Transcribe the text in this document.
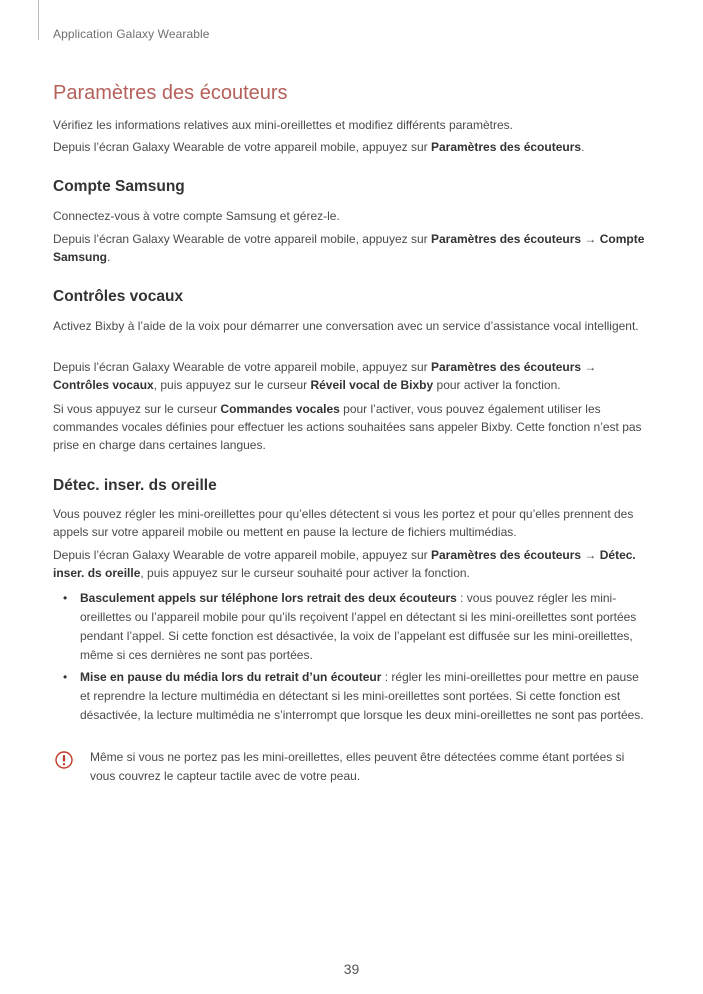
Application Galaxy Wearable
Paramètres des écouteurs

Vérifiez les informations relatives aux mini-oreillettes et modifiez différents paramètres.

Depuis l’écran Galaxy Wearable de votre appareil mobile, appuyez sur Paramètres des écouteurs.

Compte Samsung

Connectez-vous à votre compte Samsung et gérez-le.

Depuis l’écran Galaxy Wearable de votre appareil mobile, appuyez sur Paramètres des écouteurs → Compte Samsung.

Contrôles vocaux

Activez Bixby à l’aide de la voix pour démarrer une conversation avec un service d’assistance vocal intelligent.

Depuis l’écran Galaxy Wearable de votre appareil mobile, appuyez sur Paramètres des écouteurs → Contrôles vocaux, puis appuyez sur le curseur Réveil vocal de Bixby pour activer la fonction.

Si vous appuyez sur le curseur Commandes vocales pour l’activer, vous pouvez également utiliser les commandes vocales définies pour effectuer les actions souhaitées sans appeler Bixby. Cette fonction n’est pas prise en charge dans certaines langues.

Détec. inser. ds oreille

Vous pouvez régler les mini-oreillettes pour qu’elles détectent si vous les portez et pour qu’elles prennent des appels sur votre appareil mobile ou mettent en pause la lecture de fichiers multimédias.

Depuis l’écran Galaxy Wearable de votre appareil mobile, appuyez sur Paramètres des écouteurs → Détec. inser. ds oreille, puis appuyez sur le curseur souhaité pour activer la fonction.

• Basculement appels sur téléphone lors retrait des deux écouteurs : vous pouvez régler les mini-oreillettes ou l’appareil mobile pour qu’ils reçoivent l’appel en détectant si les mini-oreillettes sont portées pendant l’appel. Si cette fonction est désactivée, la voix de l’appelant est diffusée sur les mini-oreillettes, même si ces dernières ne sont pas portées.

• Mise en pause du média lors du retrait d’un écouteur : régler les mini-oreillettes pour mettre en pause et reprendre la lecture multimédia en détectant si les mini-oreillettes sont portées. Si cette fonction est désactivée, la lecture multimédia ne s’interrompt que lorsque les deux mini-oreillettes ne sont pas portées.

Même si vous ne portez pas les mini-oreillettes, elles peuvent être détectées comme étant portées si vous couvrez le capteur tactile avec de votre peau.

39
